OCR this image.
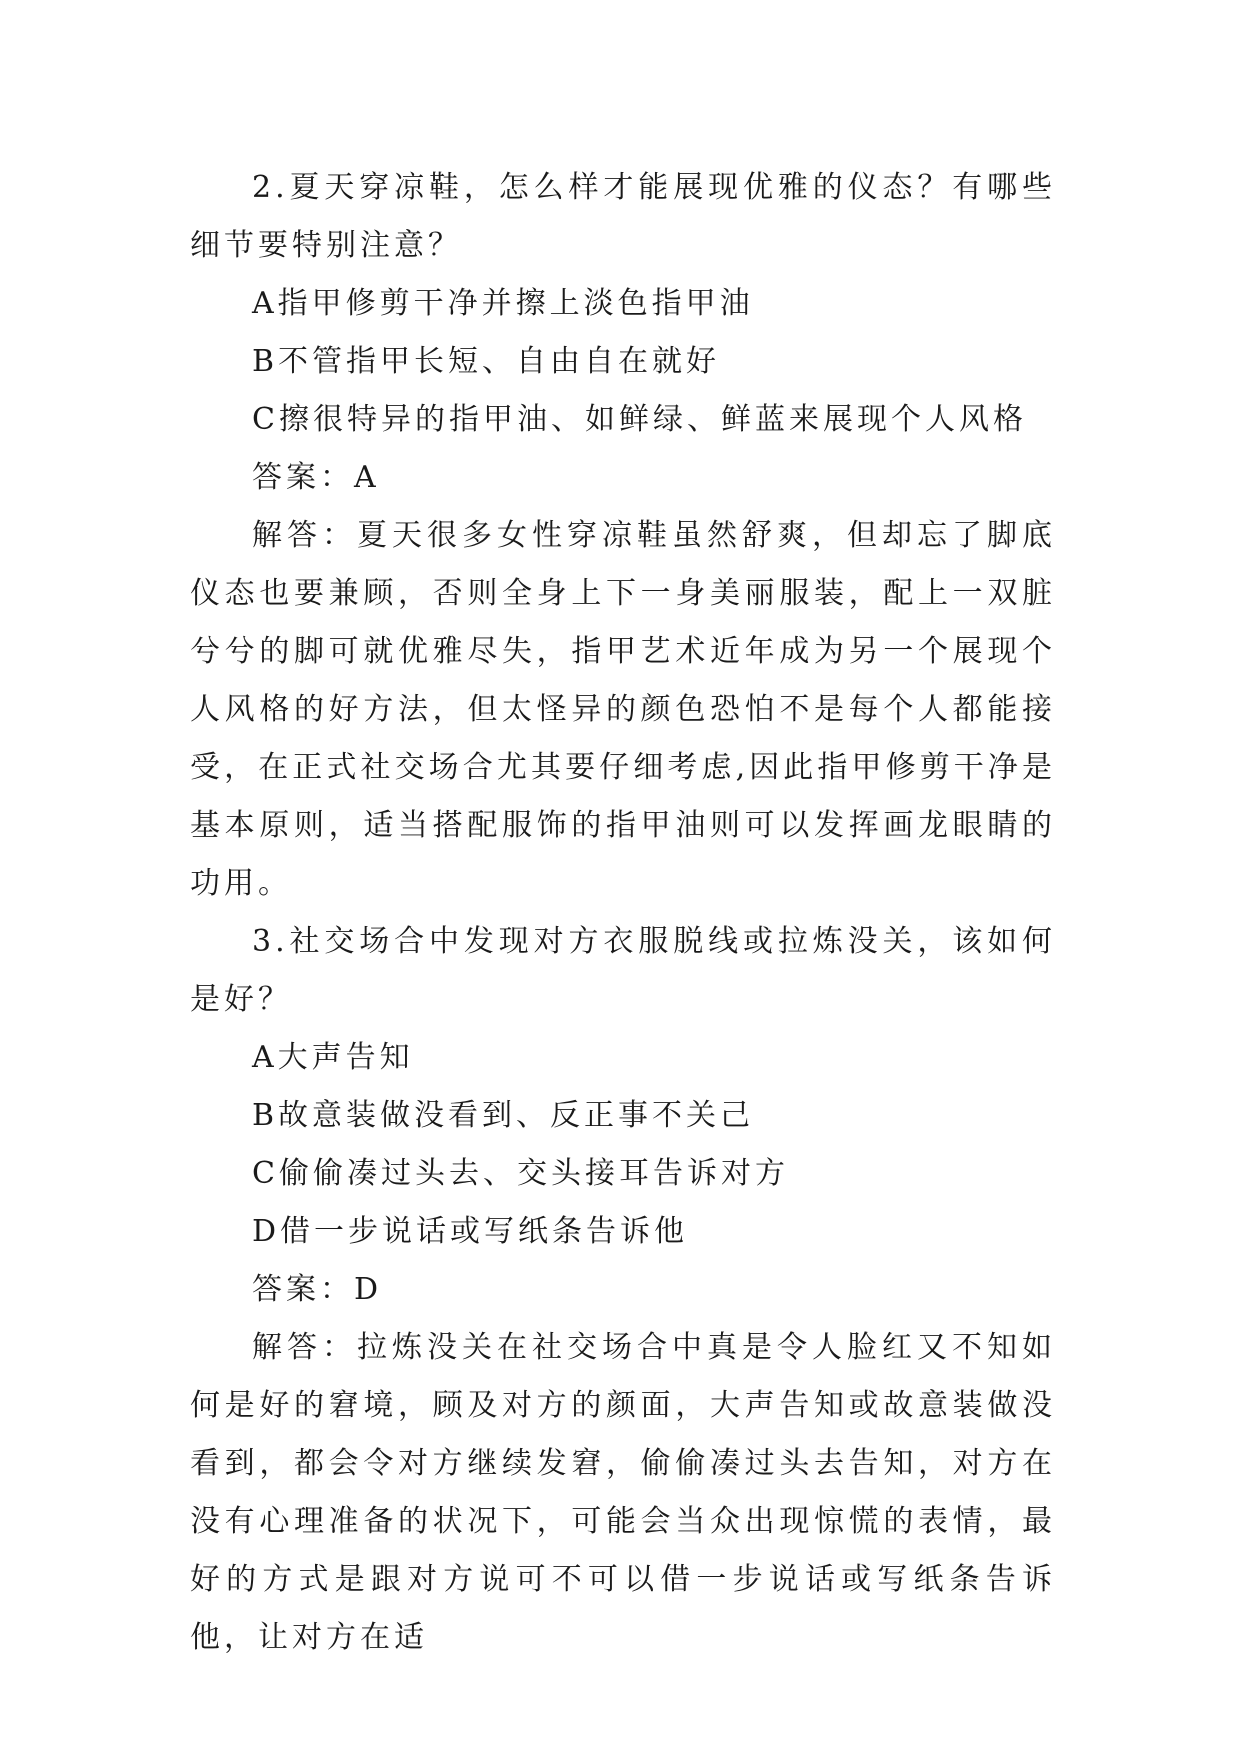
2.夏天穿凉鞋，怎么样才能展现优雅的仪态？有哪些细节要特别注意？

A指甲修剪干净并擦上淡色指甲油

B不管指甲长短、自由自在就好

C擦很特异的指甲油、如鲜绿、鲜蓝来展现个人风格

答案：A

解答：夏天很多女性穿凉鞋虽然舒爽，但却忘了脚底仪态也要兼顾，否则全身上下一身美丽服装，配上一双脏兮兮的脚可就优雅尽失，指甲艺术近年成为另一个展现个人风格的好方法，但太怪异的颜色恐怕不是每个人都能接受，在正式社交场合尤其要仔细考虑,因此指甲修剪干净是基本原则，适当搭配服饰的指甲油则可以发挥画龙眼睛的功用。

3.社交场合中发现对方衣服脱线或拉炼没关，该如何是好？

A大声告知

B故意装做没看到、反正事不关己

C偷偷凑过头去、交头接耳告诉对方

D借一步说话或写纸条告诉他

答案：D

解答：拉炼没关在社交场合中真是令人脸红又不知如何是好的窘境，顾及对方的颜面，大声告知或故意装做没看到，都会令对方继续发窘，偷偷凑过头去告知，对方在没有心理准备的状况下，可能会当众出现惊慌的表情，最好的方式是跟对方说可不可以借一步说话或写纸条告诉他，让对方在适
